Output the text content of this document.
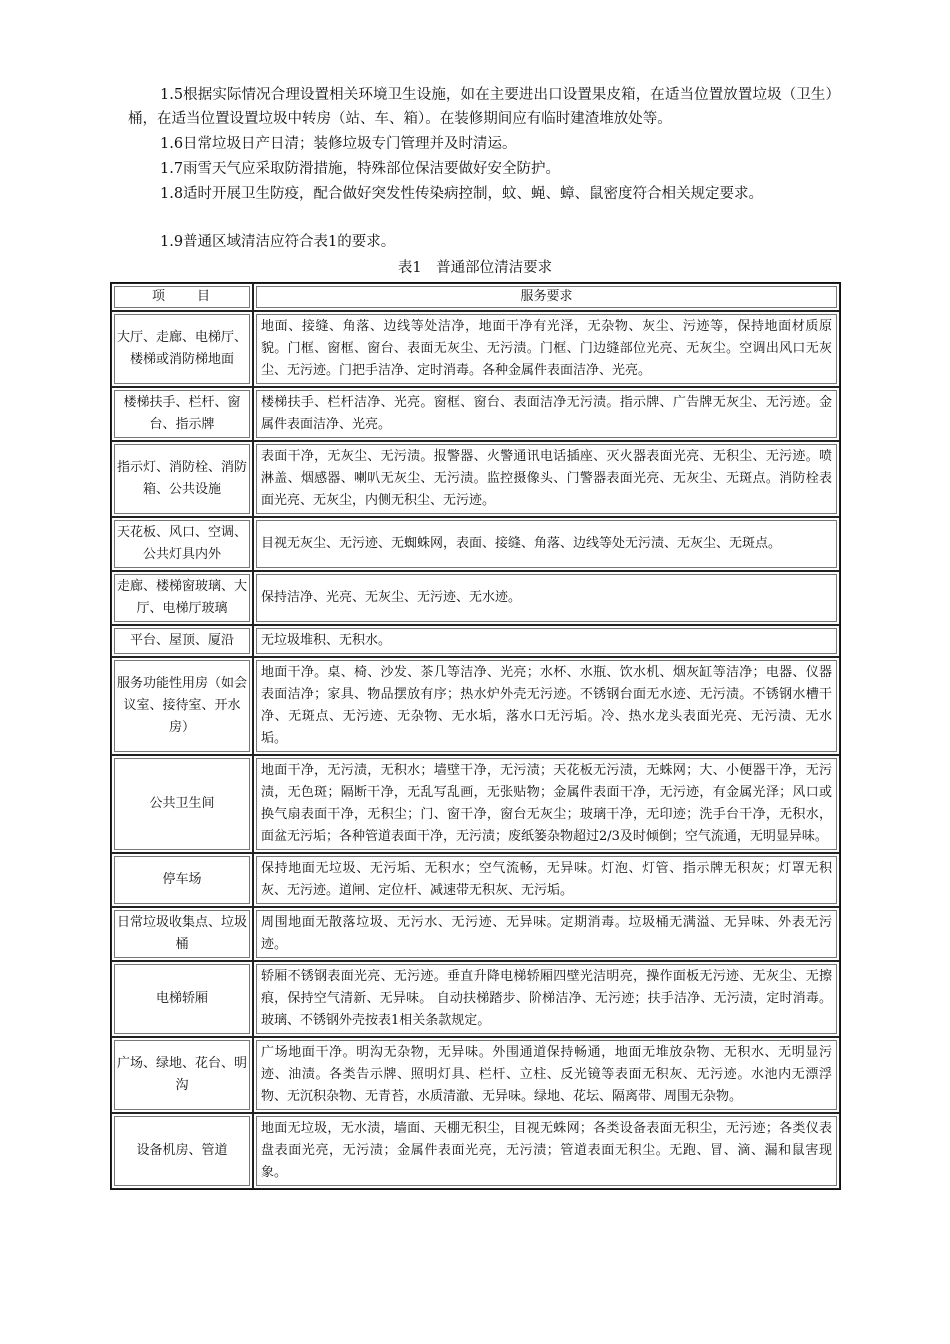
1.5根据实际情况合理设置相关环境卫生设施，如在主要进出口设置果皮箱，在适当位置放置垃圾（卫生）桶，在适当位置设置垃圾中转房（站、车、箱）。在装修期间应有临时建渣堆放处等。

1.6日常垃圾日产日清；装修垃圾专门管理并及时清运。

1.7雨雪天气应采取防滑措施，特殊部位保洁要做好安全防护。

1.8适时开展卫生防疫，配合做好突发性传染病控制，蚊、蝇、蟑、鼠密度符合相关规定要求。

1.9普通区域清洁应符合表1的要求。

表1　普通部位清洁要求
项　　目	服务要求
大厅、走廊、电梯厅、楼梯或消防梯地面	地面、接缝、角落、边线等处洁净，地面干净有光泽，无杂物、灰尘、污迹等，保持地面材质原貌。门框、窗框、窗台、表面无灰尘、无污渍。门框、门边缝部位光亮、无灰尘。空调出风口无灰尘、无污迹。门把手洁净、定时消毒。各种金属件表面洁净、光亮。
楼梯扶手、栏杆、窗台、指示牌	楼梯扶手、栏杆洁净、光亮。窗框、窗台、表面洁净无污渍。指示牌、广告牌无灰尘、无污迹。金属件表面洁净、光亮。
指示灯、消防栓、消防箱、公共设施	表面干净，无灰尘、无污渍。报警器、火警通讯电话插座、灭火器表面光亮、无积尘、无污迹。喷淋盖、烟感器、喇叭无灰尘、无污渍。监控摄像头、门警器表面光亮、无灰尘、无斑点。消防栓表面光亮、无灰尘，内侧无积尘、无污迹。
天花板、风口、空调、公共灯具内外	目视无灰尘、无污迹、无蜘蛛网，表面、接缝、角落、边线等处无污渍、无灰尘、无斑点。
走廊、楼梯窗玻璃、大厅、电梯厅玻璃	保持洁净、光亮、无灰尘、无污迹、无水迹。
平台、屋顶、厦沿	无垃圾堆积、无积水。
服务功能性用房（如会议室、接待室、开水房）	地面干净。桌、椅、沙发、茶几等洁净、光亮；水杯、水瓶、饮水机、烟灰缸等洁净；电器、仪器表面洁净；家具、物品摆放有序；热水炉外壳无污迹。不锈钢台面无水迹、无污渍。不锈钢水槽干净、无斑点、无污迹、无杂物、无水垢，落水口无污垢。冷、热水龙头表面光亮、无污渍、无水垢。
公共卫生间	地面干净，无污渍，无积水；墙壁干净，无污渍；天花板无污渍，无蛛网；大、小便器干净，无污渍，无色斑；隔断干净，无乱写乱画，无张贴物；金属件表面干净，无污迹，有金属光泽；风口或换气扇表面干净，无积尘；门、窗干净，窗台无灰尘；玻璃干净，无印迹；洗手台干净，无积水，面盆无污垢；各种管道表面干净，无污渍；废纸篓杂物超过2/3及时倾倒；空气流通，无明显异味。
停车场	保持地面无垃圾、无污垢、无积水；空气流畅，无异味。灯泡、灯管、指示牌无积灰；灯罩无积灰、无污迹。道闸、定位杆、减速带无积灰、无污垢。
日常垃圾收集点、垃圾桶	周围地面无散落垃圾、无污水、无污迹、无异味。定期消毒。垃圾桶无满溢、无异味、外表无污迹。
电梯轿厢	轿厢不锈钢表面光亮、无污迹。垂直升降电梯轿厢四壁光洁明亮，操作面板无污迹、无灰尘、无擦痕，保持空气清新、无异味。 自动扶梯踏步、阶梯洁净、无污迹；扶手洁净、无污渍，定时消毒。玻璃、不锈钢外壳按表1相关条款规定。
广场、绿地、花台、明沟	广场地面干净。明沟无杂物，无异味。外围通道保持畅通，地面无堆放杂物、无积水、无明显污迹、油渍。各类告示牌、照明灯具、栏杆、立柱、反光镜等表面无积灰、无污迹。水池内无漂浮物、无沉积杂物、无青苔，水质清澈、无异味。绿地、花坛、隔离带、周围无杂物。
设备机房、管道	地面无垃圾，无水渍，墙面、天棚无积尘，目视无蛛网；各类设备表面无积尘，无污迹；各类仪表盘表面光亮，无污渍；金属件表面光亮，无污渍；管道表面无积尘。无跑、冒、滴、漏和鼠害现象。
